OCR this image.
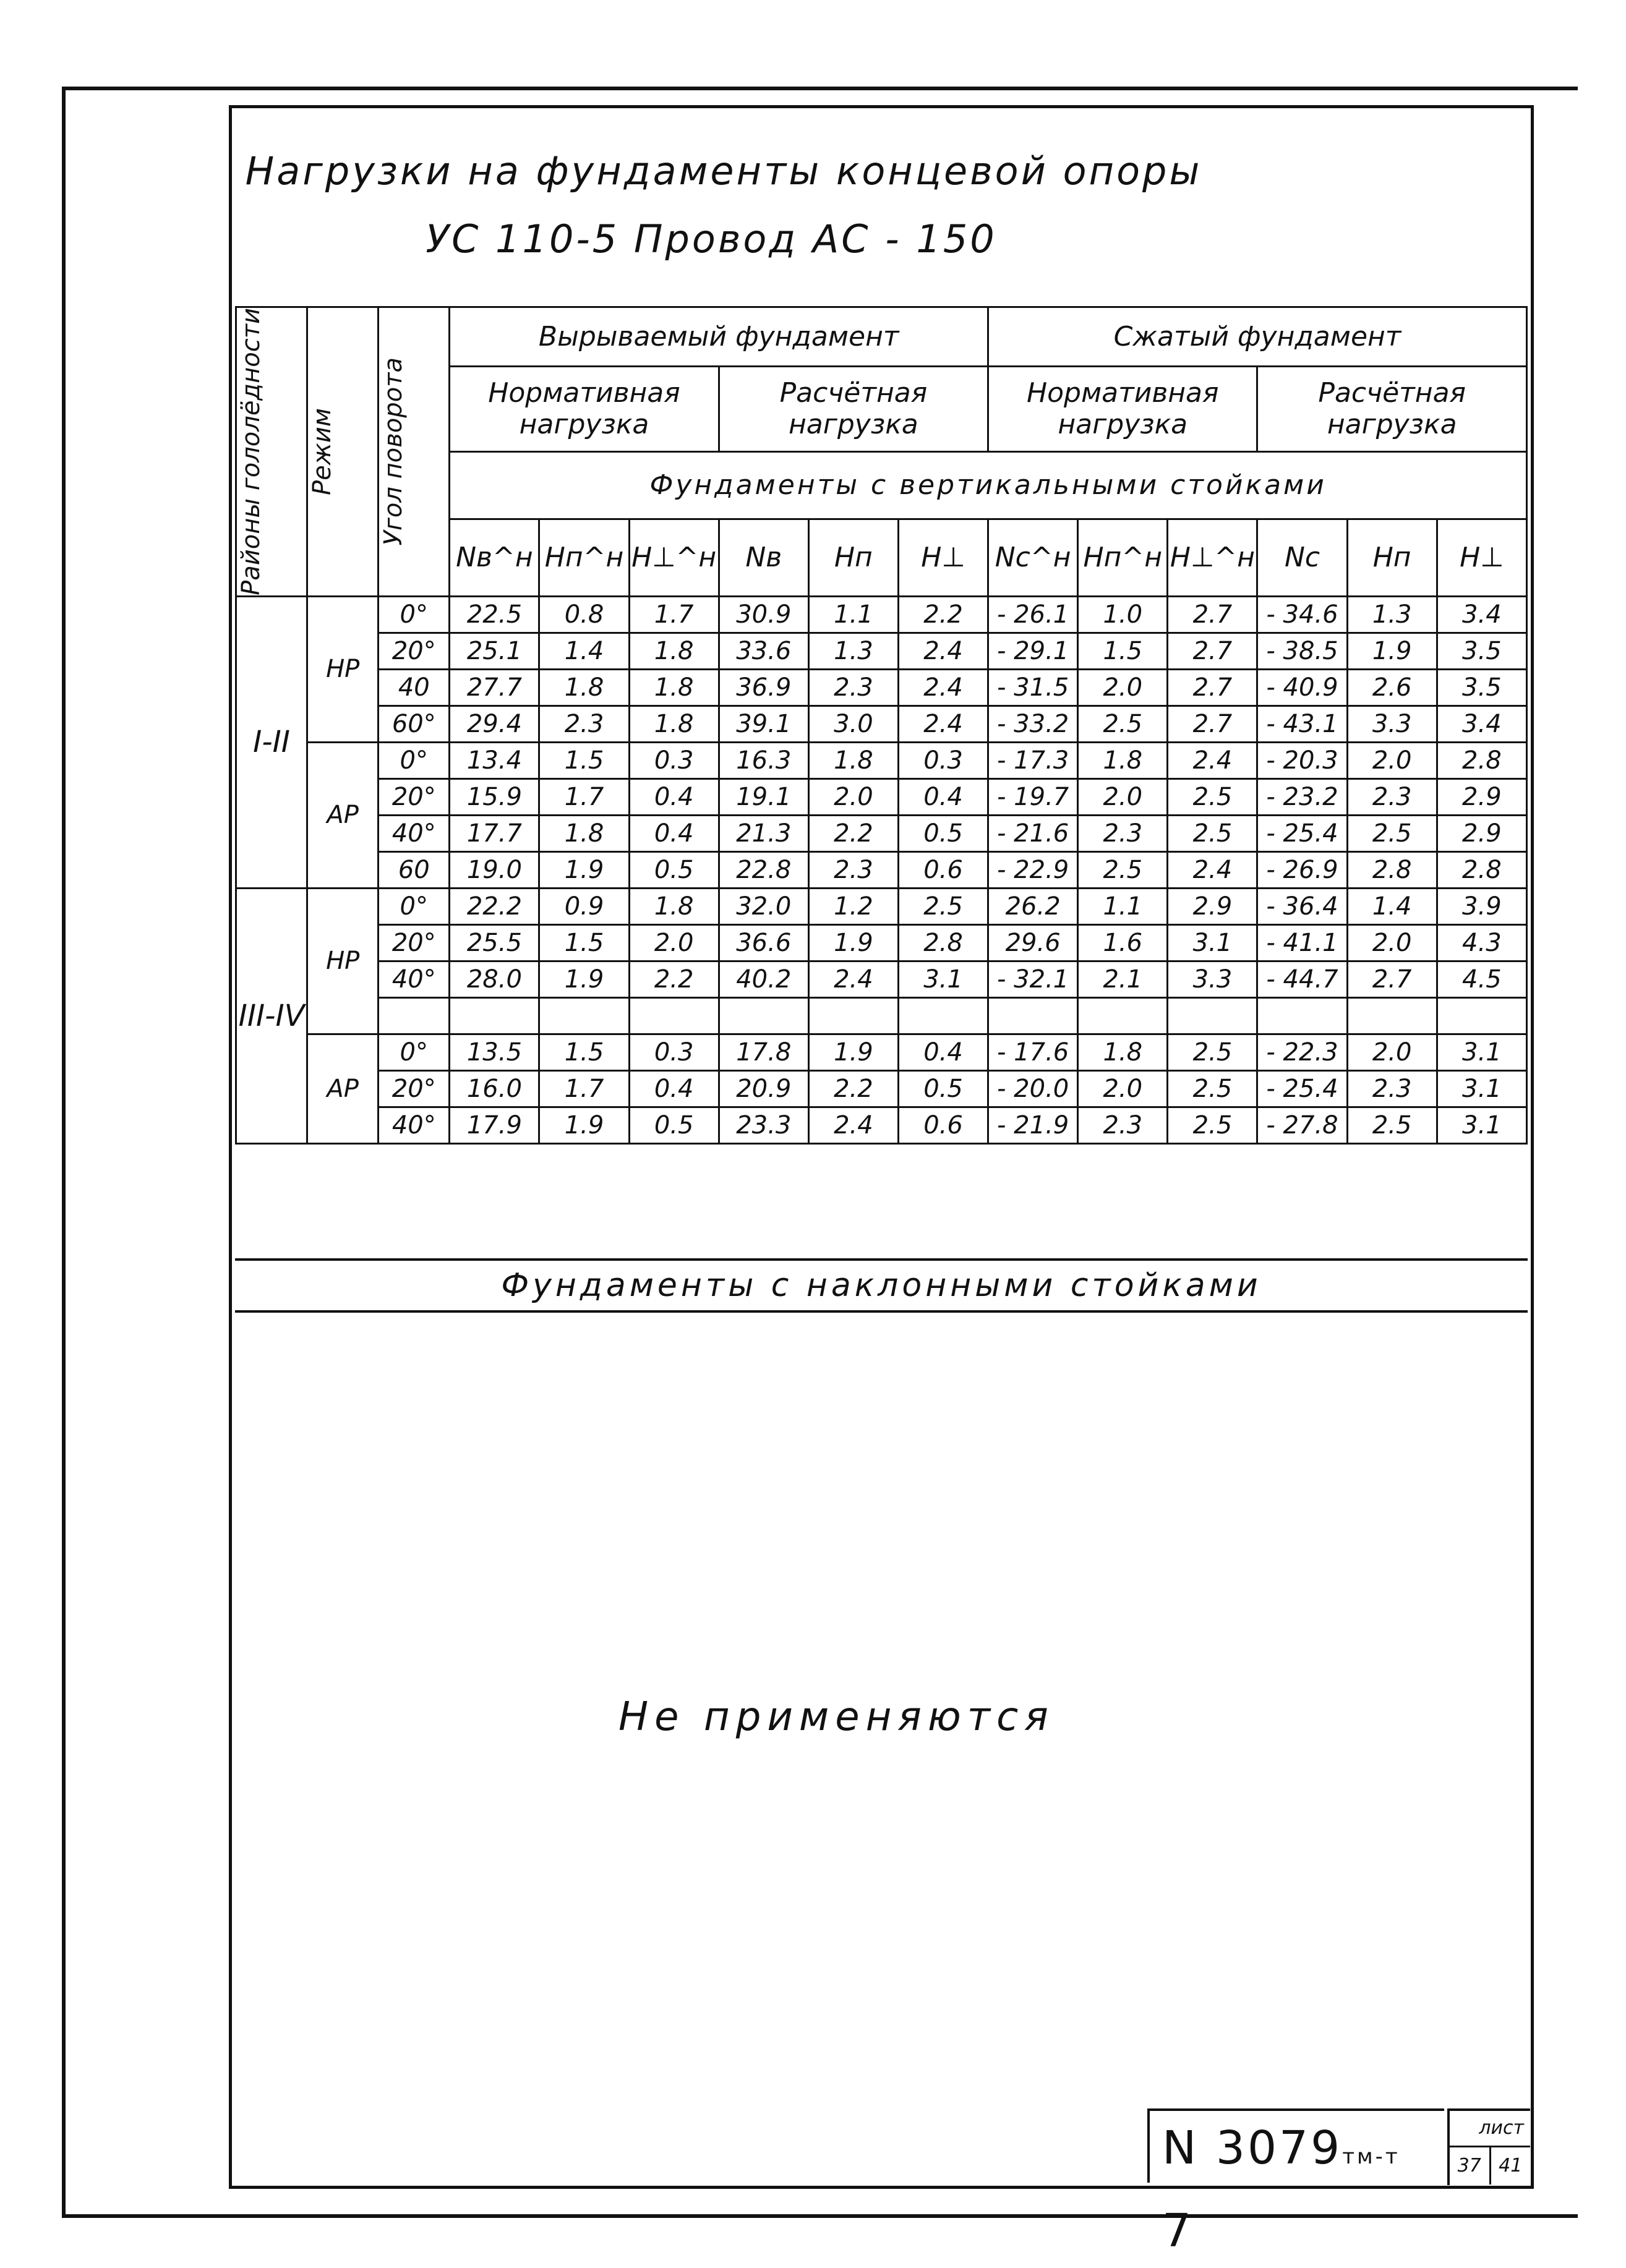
Нагрузки на фундаменты концевой опоры
УС 110-5 Провод АС - 150
Районы гололёдности	Режим	Угол поворота	Вырываемый фундамент						Сжатый фундамент					
			Нормативная нагрузка			Расчётная нагрузка			Нормативная нагрузка			Расчётная нагрузка		
			Фундаменты с вертикальными стойками											
			Nв^н	Hп^н	H⊥^н	Nв	Hп	H⊥	Nс^н	Hп^н	H⊥^н	Nс	Hп	H⊥
I-II	НР	0°	22.5	0.8	1.7	30.9	1.1	2.2	- 26.1	1.0	2.7	- 34.6	1.3	3.4
		20°	25.1	1.4	1.8	33.6	1.3	2.4	- 29.1	1.5	2.7	- 38.5	1.9	3.5
		40	27.7	1.8	1.8	36.9	2.3	2.4	- 31.5	2.0	2.7	- 40.9	2.6	3.5
		60°	29.4	2.3	1.8	39.1	3.0	2.4	- 33.2	2.5	2.7	- 43.1	3.3	3.4
	АР	0°	13.4	1.5	0.3	16.3	1.8	0.3	- 17.3	1.8	2.4	- 20.3	2.0	2.8
		20°	15.9	1.7	0.4	19.1	2.0	0.4	- 19.7	2.0	2.5	- 23.2	2.3	2.9
		40°	17.7	1.8	0.4	21.3	2.2	0.5	- 21.6	2.3	2.5	- 25.4	2.5	2.9
		60	19.0	1.9	0.5	22.8	2.3	0.6	- 22.9	2.5	2.4	- 26.9	2.8	2.8
III-IV	НР	0°	22.2	0.9	1.8	32.0	1.2	2.5	26.2	1.1	2.9	- 36.4	1.4	3.9
		20°	25.5	1.5	2.0	36.6	1.9	2.8	29.6	1.6	3.1	- 41.1	2.0	4.3
		40°	28.0	1.9	2.2	40.2	2.4	3.1	- 32.1	2.1	3.3	- 44.7	2.7	4.5

	АР	0°	13.5	1.5	0.3	17.8	1.9	0.4	- 17.6	1.8	2.5	- 22.3	2.0	3.1
		20°	16.0	1.7	0.4	20.9	2.2	0.5	- 20.0	2.0	2.5	- 25.4	2.3	3.1
		40°	17.9	1.9	0.5	23.3	2.4	0.6	- 21.9	2.3	2.5	- 27.8	2.5	3.1
Фундаменты с наклонными стойками
Не применяются
N 3079тм-т 7
лист
37 41
